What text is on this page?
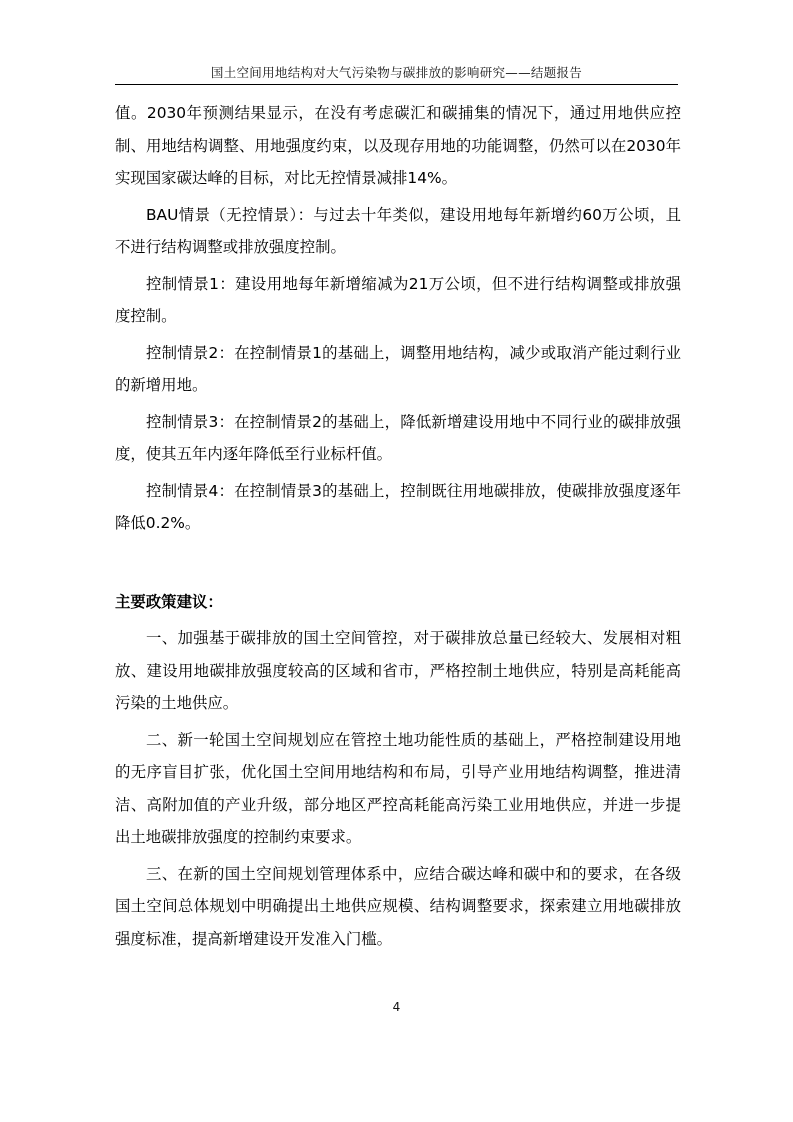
国土空间用地结构对大气污染物与碳排放的影响研究——结题报告

值。2030年预测结果显示，在没有考虑碳汇和碳捕集的情况下，通过用地供应控制、用地结构调整、用地强度约束，以及现存用地的功能调整，仍然可以在2030年实现国家碳达峰的目标，对比无控情景减排14%。

BAU情景（无控情景）：与过去十年类似，建设用地每年新增约60万公顷，且不进行结构调整或排放强度控制。

控制情景1：建设用地每年新增缩减为21万公顷，但不进行结构调整或排放强度控制。

控制情景2：在控制情景1的基础上，调整用地结构，减少或取消产能过剩行业的新增用地。

控制情景3：在控制情景2的基础上，降低新增建设用地中不同行业的碳排放强度，使其五年内逐年降低至行业标杆值。

控制情景4：在控制情景3的基础上，控制既往用地碳排放，使碳排放强度逐年降低0.2%。

主要政策建议：

一、加强基于碳排放的国土空间管控，对于碳排放总量已经较大、发展相对粗放、建设用地碳排放强度较高的区域和省市，严格控制土地供应，特别是高耗能高污染的土地供应。

二、新一轮国土空间规划应在管控土地功能性质的基础上，严格控制建设用地的无序盲目扩张，优化国土空间用地结构和布局，引导产业用地结构调整，推进清洁、高附加值的产业升级，部分地区严控高耗能高污染工业用地供应，并进一步提出土地碳排放强度的控制约束要求。

三、在新的国土空间规划管理体系中，应结合碳达峰和碳中和的要求，在各级国土空间总体规划中明确提出土地供应规模、结构调整要求，探索建立用地碳排放强度标准，提高新增建设开发准入门槛。

4
